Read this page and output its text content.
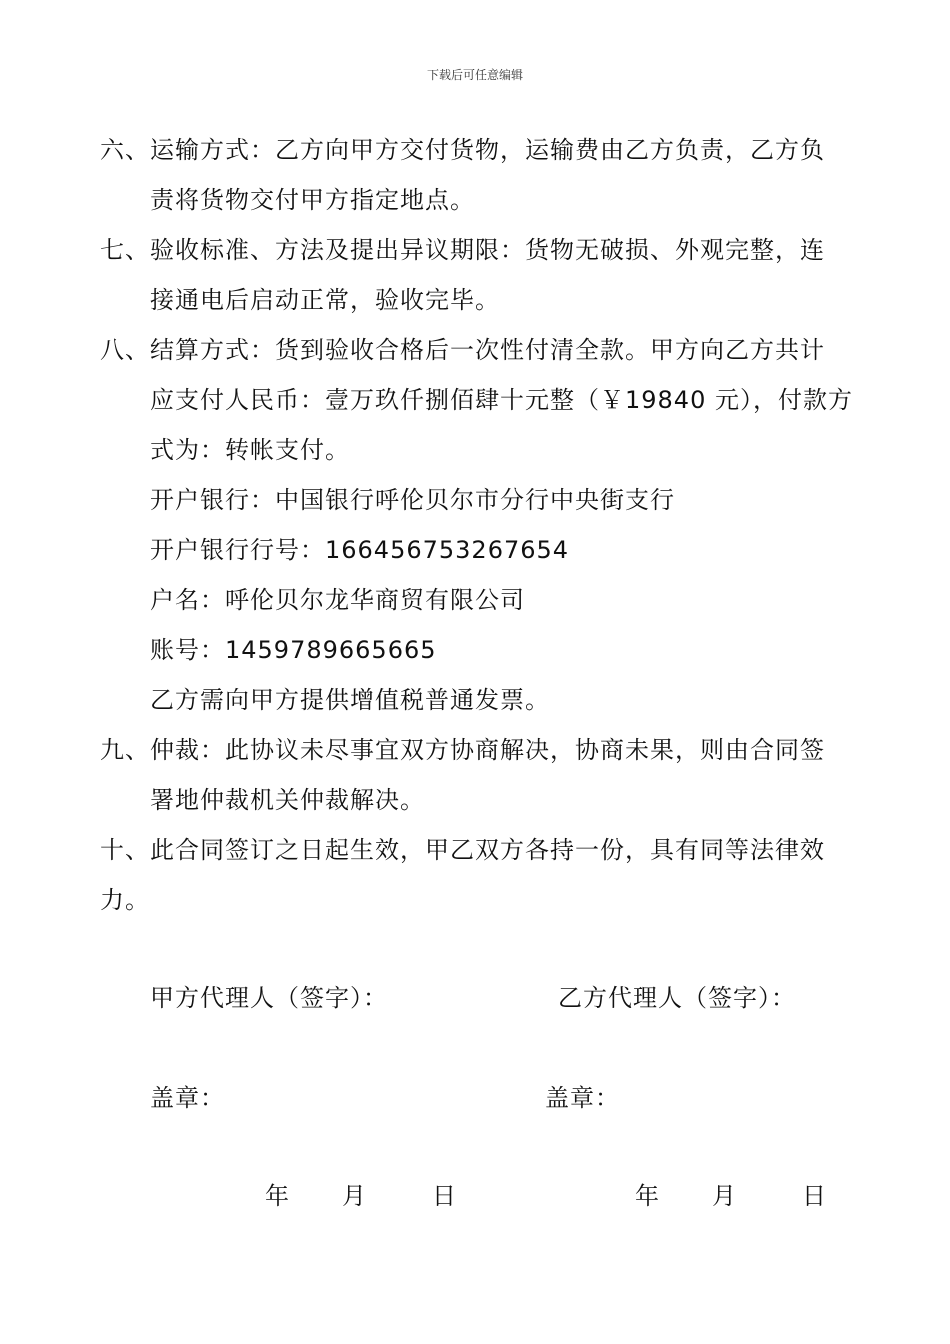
下载后可任意编辑
六、运输方式：乙方向甲方交付货物，运输费由乙方负责，乙方负
责将货物交付甲方指定地点。
七、验收标准、方法及提出异议期限：货物无破损、外观完整，连
接通电后启动正常，验收完毕。
八、结算方式：货到验收合格后一次性付清全款。甲方向乙方共计
应支付人民币：壹万玖仟捌佰肆十元整（￥19840 元），付款方
式为：转帐支付。
开户银行：中国银行呼伦贝尔市分行中央街支行
开户银行行号：166456753267654
户名：呼伦贝尔龙华商贸有限公司
账号：1459789665665
乙方需向甲方提供增值税普通发票。
九、仲裁：此协议未尽事宜双方协商解决，协商未果，则由合同签
署地仲裁机关仲裁解决。
十、此合同签订之日起生效，甲乙双方各持一份，具有同等法律效
力。
甲方代理人（签字）：	乙方代理人（签字）：
盖章：	盖章：
年 月	日	年 月	日
